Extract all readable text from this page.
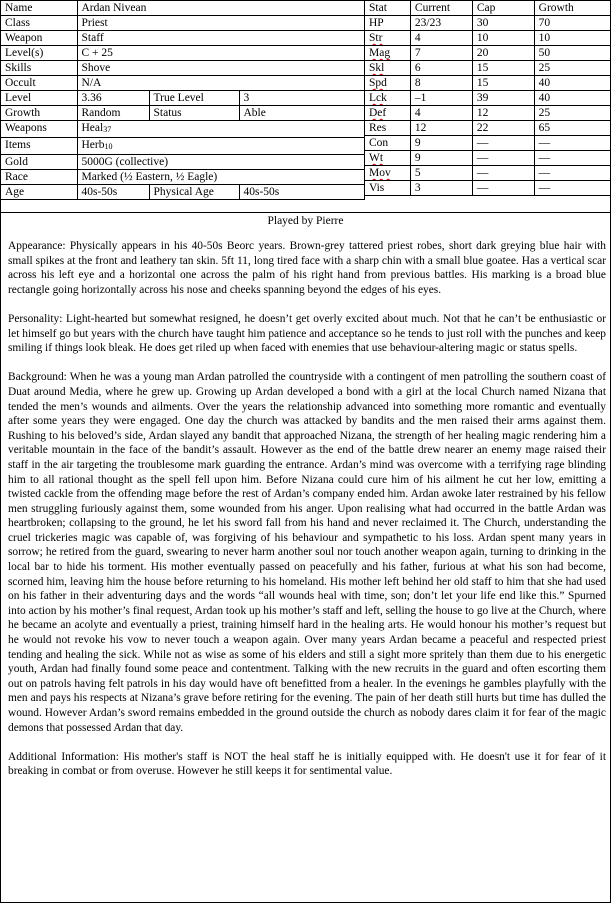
Name	Ardan Nivean		
Class	Priest		
Weapon	Staff		
Level(s)	C + 25		
Skills	Shove		
Occult	N/A		
Level	3.36	True Level	3
Growth	Random	Status	Able
Weapons	Heal$_{37}$
Items	Herb$_{10}$
Gold	5000G (collective)		
Race	Marked (½ Eastern, ½ Eagle)		
Age	40s-50s	Physical Age	40s-50s
Stat	Current	Cap	Growth
HP	23/23	30	70
Str	4	10	10
Mag	7	20	50
Skl	6	15	25
Spd	8	15	40
Lck	–1	39	40
Def	4	12	25
Res	12	22	65
Con	9	—	—
Wt	9	—	—
Mov	5	—	—
Vis	3	—	—
Played by Pierre

Appearance: Physically appears in his 40-50s Beorc years. Brown-grey tattered priest robes, short dark greying blue hair with small spikes at the front and leathery tan skin. 5ft 11, long tired face with a sharp chin with a small blue goatee. Has a vertical scar across his left eye and a horizontal one across the palm of his right hand from previous battles. His marking is a broad blue rectangle going horizontally across his nose and cheeks spanning beyond the edges of his eyes.

Personality: Light-hearted but somewhat resigned, he doesn’t get overly excited about much. Not that he can’t be enthusiastic or let himself go but years with the church have taught him patience and acceptance so he tends to just roll with the punches and keep smiling if things look bleak. He does get riled up when faced with enemies that use behaviour-altering magic or status spells.

Background: When he was a young man Ardan patrolled the countryside with a contingent of men patrolling the southern coast of Duat around Media, where he grew up. Growing up Ardan developed a bond with a girl at the local Church named Nizana that tended the men’s wounds and ailments. Over the years the relationship advanced into something more romantic and eventually after some years they were engaged. One day the church was attacked by bandits and the men raised their arms against them. Rushing to his beloved’s side, Ardan slayed any bandit that approached Nizana, the strength of her healing magic rendering him a veritable mountain in the face of the bandit’s assault. However as the end of the battle drew nearer an enemy mage raised their staff in the air targeting the troublesome mark guarding the entrance. Ardan’s mind was overcome with a terrifying rage blinding him to all rational thought as the spell fell upon him. Before Nizana could cure him of his ailment he cut her low, emitting a twisted cackle from the offending mage before the rest of Ardan’s company ended him. Ardan awoke later restrained by his fellow men struggling furiously against them, some wounded from his anger. Upon realising what had occurred in the battle Ardan was heartbroken; collapsing to the ground, he let his sword fall from his hand and never reclaimed it. The Church, understanding the cruel trickeries magic was capable of, was forgiving of his behaviour and sympathetic to his loss. Ardan spent many years in sorrow; he retired from the guard, swearing to never harm another soul nor touch another weapon again, turning to drinking in the local bar to hide his torment. His mother eventually passed on peacefully and his father, furious at what his son had become, scorned him, leaving him the house before returning to his homeland. His mother left behind her old staff to him that she had used on his father in their adventuring days and the words “all wounds heal with time, son; don’t let your life end like this.” Spurned into action by his mother’s final request, Ardan took up his mother’s staff and left, selling the house to go live at the Church, where he became an acolyte and eventually a priest, training himself hard in the healing arts. He would honour his mother’s request but he would not revoke his vow to never touch a weapon again. Over many years Ardan became a peaceful and respected priest tending and healing the sick. While not as wise as some of his elders and still a sight more spritely than them due to his energetic youth, Ardan had finally found some peace and contentment. Talking with the new recruits in the guard and often escorting them out on patrols having felt patrols in his day would have oft benefitted from a healer. In the evenings he gambles playfully with the men and pays his respects at Nizana’s grave before retiring for the evening. The pain of her death still hurts but time has dulled the wound. However Ardan’s sword remains embedded in the ground outside the church as nobody dares claim it for fear of the magic demons that possessed Ardan that day.

Additional Information: His mother's staff is NOT the heal staff he is initially equipped with. He doesn't use it for fear of it breaking in combat or from overuse. However he still keeps it for sentimental value.
